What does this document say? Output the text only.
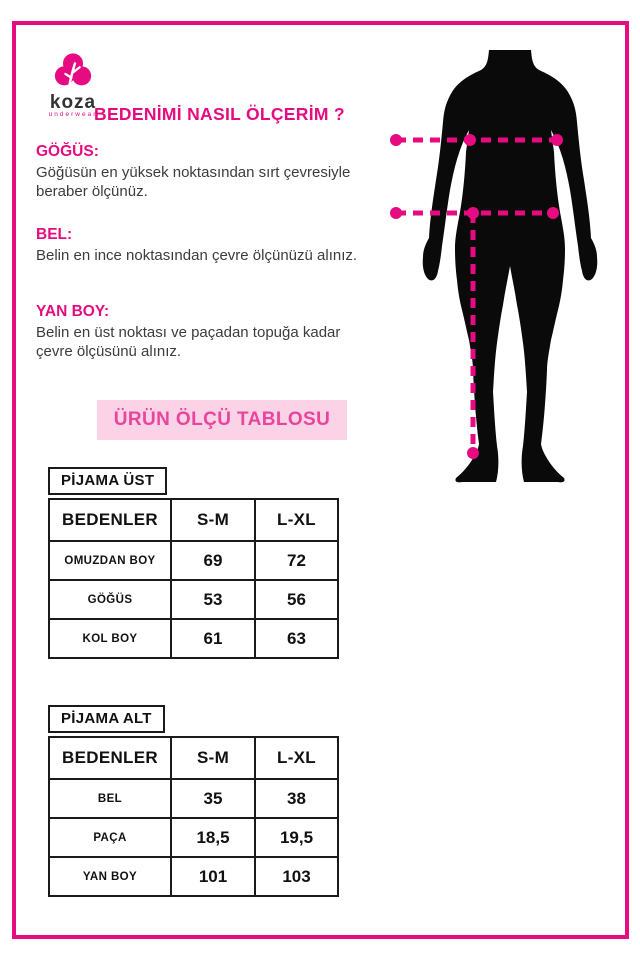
koza
underwear
BEDENİMİ NASIL ÖLÇERİM ?
GÖĞÜS:
Göğüsün en yüksek noktasından sırt çevresiyle beraber ölçünüz.
BEL:
Belin en ince noktasından çevre ölçünüzü alınız.
YAN BOY:
Belin en üst noktası ve paçadan topuğa kadar çevre ölçüsünü alınız.
ÜRÜN ÖLÇÜ TABLOSU
PİJAMA ÜST
BEDENLER	S-M	L-XL
OMUZDAN BOY	69	72
GÖĞÜS	53	56
KOL BOY	61	63
PİJAMA ALT
BEDENLER	S-M	L-XL
BEL	35	38
PAÇA	18,5	19,5
YAN BOY	101	103
